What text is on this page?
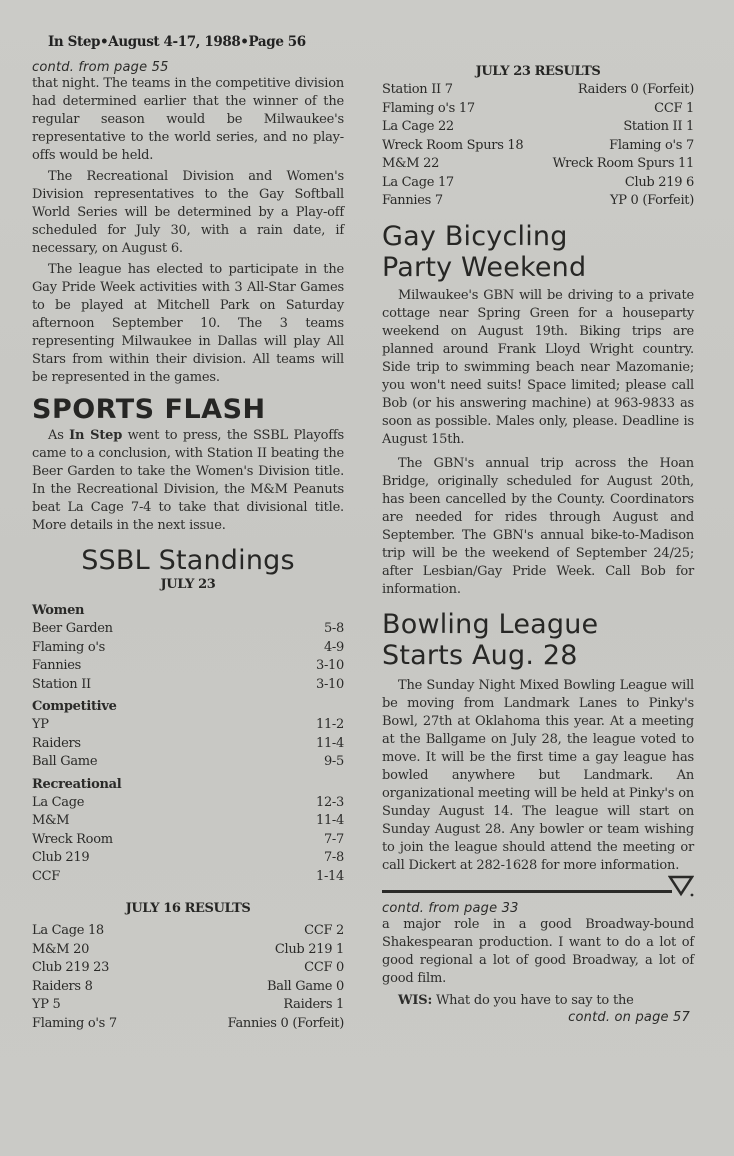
In Step•August 4-17, 1988•Page 56
contd. from page 55

that night. The teams in the competitive division had determined earlier that the winner of the regular season would be Milwaukee's representative to the world series, and no play-offs would be held.

The Recreational Division and Women's Division representatives to the Gay Softball World Series will be determined by a Play-off scheduled for July 30, with a rain date, if necessary, on August 6.

The league has elected to participate in the Gay Pride Week activities with 3 All-Star Games to be played at Mitchell Park on Saturday afternoon September 10. The 3 teams representing Milwaukee in Dallas will play All Stars from within their division. All teams will be represented in the games.

SPORTS FLASH

As In Step went to press, the SSBL Playoffs came to a conclusion, with Station II beating the Beer Garden to take the Women's Division title. In the Recreational Division, the M&M Peanuts beat La Cage 7-4 to take that divisional title. More details in the next issue.

SSBL Standings
JULY 23
Women
Beer Garden	5-8
Flaming o's	4-9
Fannies	3-10
Station II	3-10
Competitive
YP	11-2
Raiders	11-4
Ball Game	9-5
Recreational
La Cage	12-3
M&M	11-4
Wreck Room	7-7
Club 219	7-8
CCF	1-14
JULY 16 RESULTS
La Cage 18	CCF 2
M&M 20	Club 219 1
Club 219 23	CCF 0
Raiders 8	Ball Game 0
YP 5	Raiders 1
Flaming o's 7	Fannies 0 (Forfeit)
JULY 23 RESULTS
Station II 7	Raiders 0 (Forfeit)
Flaming o's 17	CCF 1
La Cage 22	Station II 1
Wreck Room Spurs 18	Flaming o's 7
M&M 22	Wreck Room Spurs 11
La Cage 17	Club 219 6
Fannies 7	YP 0 (Forfeit)
Gay Bicycling
Party Weekend

Milwaukee's GBN will be driving to a private cottage near Spring Green for a houseparty weekend on August 19th. Biking trips are planned around Frank Lloyd Wright country. Side trip to swimming beach near Mazomanie; you won't need suits! Space limited; please call Bob (or his answering machine) at 963-9833 as soon as possible. Males only, please. Deadline is August 15th.

The GBN's annual trip across the Hoan Bridge, originally scheduled for August 20th, has been cancelled by the County. Coordinators are needed for rides through August and September. The GBN's annual bike-to-Madison trip will be the weekend of September 24/25; after Lesbian/Gay Pride Week. Call Bob for information.

Bowling League
Starts Aug. 28

The Sunday Night Mixed Bowling League will be moving from Landmark Lanes to Pinky's Bowl, 27th at Oklahoma this year. At a meeting at the Ballgame on July 28, the league voted to move. It will be the first time a gay league has bowled anywhere but Landmark. An organizational meeting will be held at Pinky's on Sunday August 14. The league will start on Sunday August 28. Any bowler or team wishing to join the league should attend the meeting or call Dickert at 282-1628 for more information.

contd. from page 33

a major role in a good Broadway-bound Shakespearan production. I want to do a lot of good regional a lot of good Broadway, a lot of good film.

WIS: What do you have to say to the

contd. on page 57
